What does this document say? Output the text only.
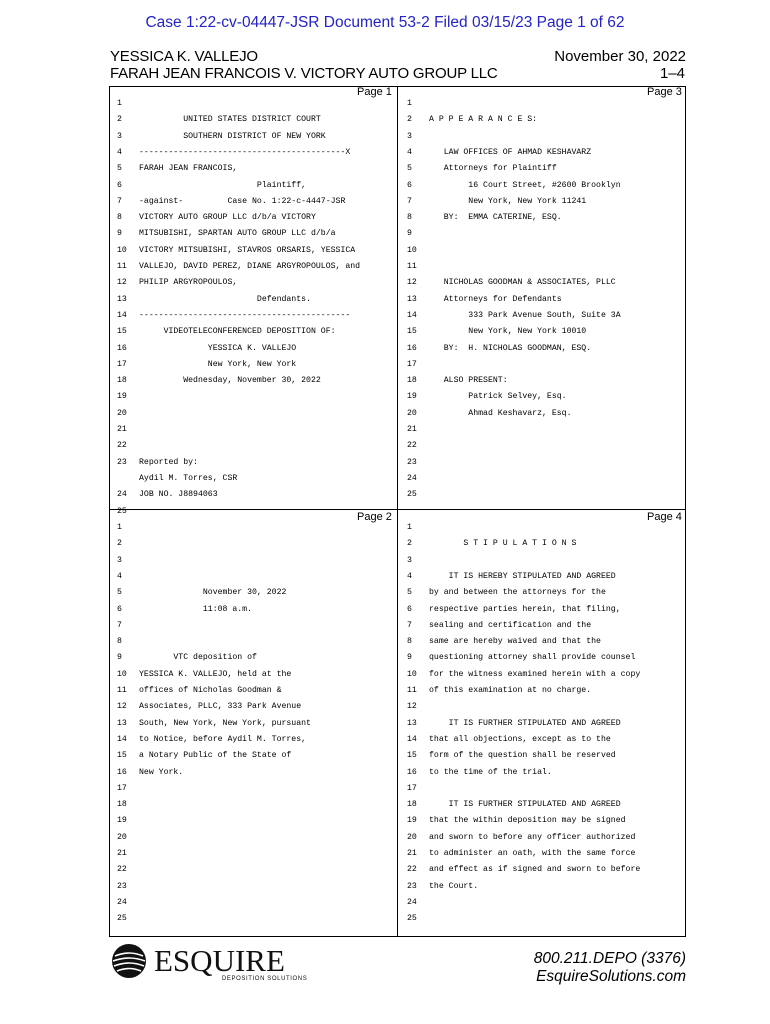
Case 1:22-cv-04447-JSR Document 53-2 Filed 03/15/23 Page 1 of 62
YESSICA K. VALLEJO
FARAH JEAN FRANCOIS V. VICTORY AUTO GROUP LLC
November 30, 2022
1–4
Page 1	Page 3
Page 2	Page 4
1
2	UNITED STATES DISTRICT COURT
3	SOUTHERN DISTRICT OF NEW YORK
4	------------------------------------------X
5	FARAH JEAN FRANCOIS,
6	Plaintiff,
7	-against-         Case No. 1:22-c-4447-JSR
8	VICTORY AUTO GROUP LLC d/b/a VICTORY
9	MITSUBISHI, SPARTAN AUTO GROUP LLC d/b/a
10	VICTORY MITSUBISHI, STAVROS ORSARIS, YESSICA
11	VALLEJO, DAVID PEREZ, DIANE ARGYROPOULOS, and
12	PHILIP ARGYROPOULOS,
13	Defendants.
14	-------------------------------------------
15	VIDEOTELECONFERENCED DEPOSITION OF:
16	YESSICA K. VALLEJO
17	New York, New York
18	Wednesday, November 30, 2022
19
20
21
22
23	Reported by:
Aydil M. Torres, CSR
24	JOB NO. J8894063
25
1
2	A P P E A R A N C E S:
3
4	LAW OFFICES OF AHMAD KESHAVARZ
5	Attorneys for Plaintiff
6	16 Court Street, #2600 Brooklyn
7	New York, New York 11241
8	BY:  EMMA CATERINE, ESQ.
9
10
11
12	NICHOLAS GOODMAN & ASSOCIATES, PLLC
13	Attorneys for Defendants
14	333 Park Avenue South, Suite 3A
15	New York, New York 10010
16	BY:  H. NICHOLAS GOODMAN, ESQ.
17
18	ALSO PRESENT:
19	Patrick Selvey, Esq.
20	Ahmad Keshavarz, Esq.
21
22
23
24
25
1
2
3
4
5	November 30, 2022
6	11:08 a.m.
7
8
9	VTC deposition of
10	YESSICA K. VALLEJO, held at the
11	offices of Nicholas Goodman &
12	Associates, PLLC, 333 Park Avenue
13	South, New York, New York, pursuant
14	to Notice, before Aydil M. Torres,
15	a Notary Public of the State of
16	New York.
17
18
19
20
21
22
23
24
25
1
2	S T I P U L A T I O N S
3
4	IT IS HEREBY STIPULATED AND AGREED
5	by and between the attorneys for the
6	respective parties herein, that filing,
7	sealing and certification and the
8	same are hereby waived and that the
9	questioning attorney shall provide counsel
10	for the witness examined herein with a copy
11	of this examination at no charge.
12
13	IT IS FURTHER STIPULATED AND AGREED
14	that all objections, except as to the
15	form of the question shall be reserved
16	to the time of the trial.
17
18	IT IS FURTHER STIPULATED AND AGREED
19	that the within deposition may be signed
20	and sworn to before any officer authorized
21	to administer an oath, with the same force
22	and effect as if signed and sworn to before
23	the Court.
24
25
ESQUIRE
DEPOSITION SOLUTIONS
800.211.DEPO (3376)
EsquireSolutions.com
